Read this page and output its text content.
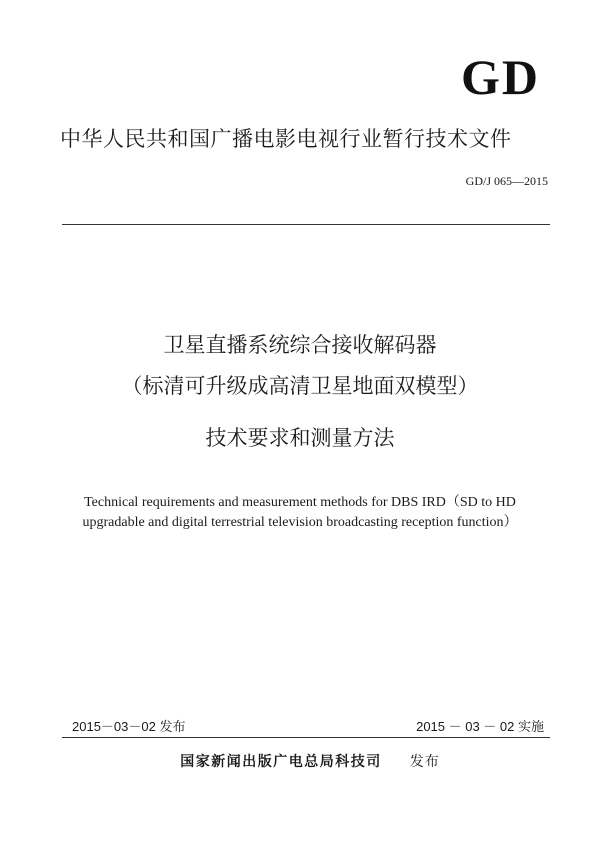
GD
中华人民共和国广播电影电视行业暂行技术文件
GD/J 065—2015
卫星直播系统综合接收解码器
（标清可升级成高清卫星地面双模型）
技术要求和测量方法
Technical requirements and measurement methods for DBS IRD（SD to HD
upgradable and digital terrestrial television broadcasting reception function）
2015－03－02 发布	2015 － 03 － 02 实施
国家新闻出版广电总局科技司 发布
